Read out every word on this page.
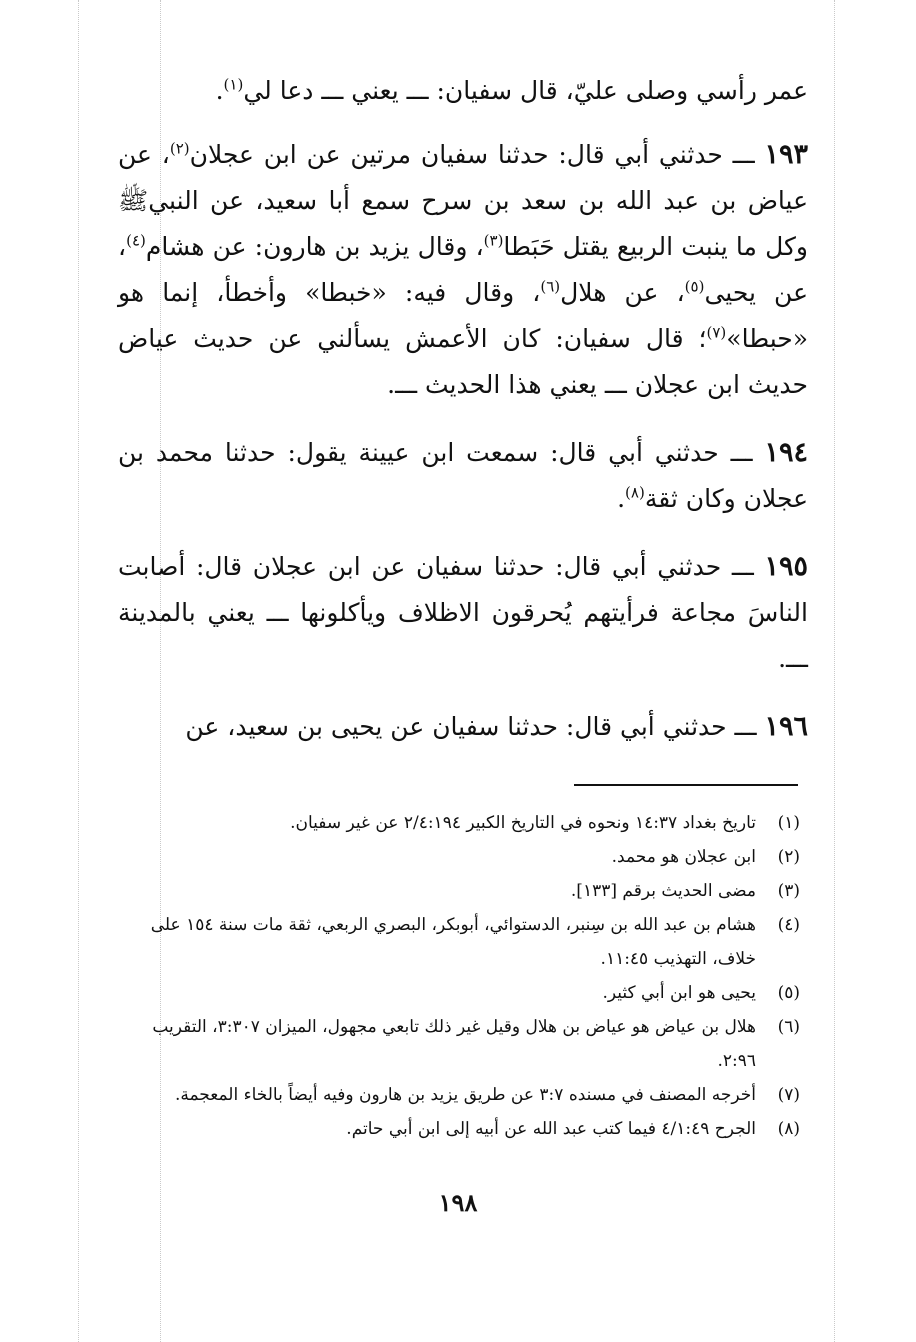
عمر رأسي وصلى عليّ، قال سفيان: ـــ يعني ـــ دعا لي$^{(١)}$.

١٩٣ ـــ حدثني أبي قال: حدثنا سفيان مرتين عن ابن عجلان$^{(٢)}$، عن عياض بن عبد الله بن سعد بن سرح سمع أبا سعيد، عن النبيﷺ وكل ما ينبت الربيع يقتل حَبَطا$^{(٣)}$، وقال يزيد بن هارون: عن هشام$^{(٤)}$، عن يحيى$^{(٥)}$، عن هلال$^{(٦)}$، وقال فيه: «خبطا» وأخطأ، إنما هو «حبطا»$^{(٧)}$؛ قال سفيان: كان الأعمش يسألني عن حديث عياض حديث ابن عجلان ـــ يعني هذا الحديث ـــ.

١٩٤ ـــ حدثني أبي قال: سمعت ابن عيينة يقول: حدثنا محمد بن عجلان وكان ثقة$^{(٨)}$.

١٩٥ ـــ حدثني أبي قال: حدثنا سفيان عن ابن عجلان قال: أصابت الناسَ مجاعة فرأيتهم يُحرقون الاظلاف ويأكلونها ـــ يعني بالمدينة ـــ.

١٩٦ ـــ حدثني أبي قال: حدثنا سفيان عن يحيى بن سعيد، عن

(١)
تاريخ بغداد ١٤:٣٧ ونحوه في التاريخ الكبير ٢/٤:١٩٤ عن غير سفيان.
(٢)
ابن عجلان هو محمد.
(٣)
مضى الحديث برقم [١٣٣].
(٤)
هشام بن عبد الله بن سِنبر، الدستوائي، أبوبكر، البصري الربعي، ثقة مات سنة ١٥٤ على خلاف، التهذيب ١١:٤٥.
(٥)
يحيى هو ابن أبي كثير.
(٦)
هلال بن عياض هو عياض بن هلال وقيل غير ذلك تابعي مجهول، الميزان ٣:٣٠٧، التقريب ٢:٩٦.
(٧)
أخرجه المصنف في مسنده ٣:٧ عن طريق يزيد بن هارون وفيه أيضاً بالخاء المعجمة.
(٨)
الجرح ٤/١:٤٩ فيما كتب عبد الله عن أبيه إلى ابن أبي حاتم.
١٩٨
